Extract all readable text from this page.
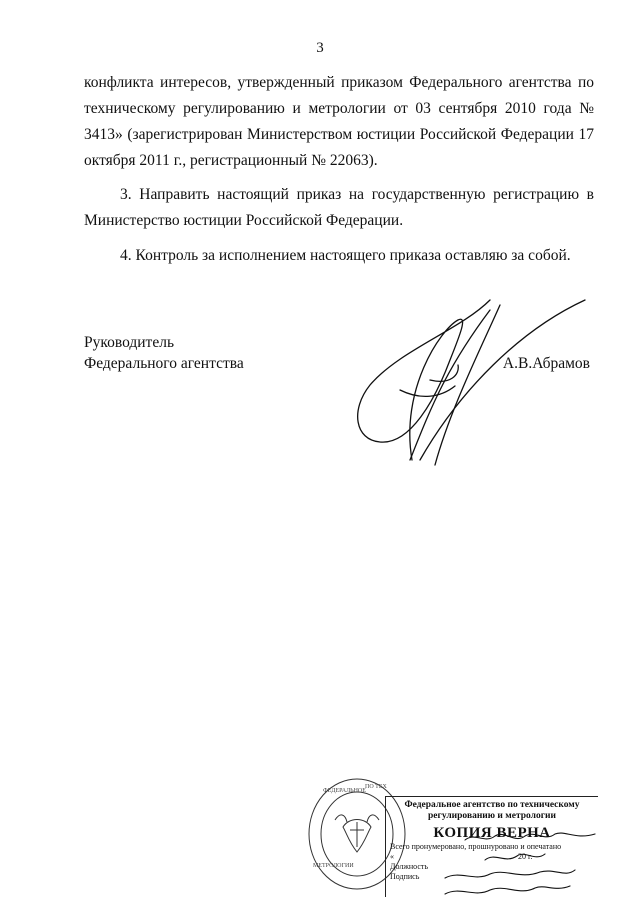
3
конфликта интересов, утвержденный приказом Федерального агентства по техническому регулированию и метрологии от 03 сентября 2010 года № 3413» (зарегистрирован Министерством юстиции Российской Федерации 17 октября 2011 г., регистрационный № 22063).
3. Направить настоящий приказ на государственную регистрацию в Министерство юстиции Российской Федерации.
4. Контроль за исполнением настоящего приказа оставляю за собой.
Руководитель
Федерального агентства	А.В.Абрамов
ФЕДЕРАЛЬНОЕ
ПО ТЕХ
МЕТРОЛОГИИ
Федеральное агентство по техническому
регулированию и метрологии
КОПИЯ ВЕРНА
Всего пронумеровано, прошнуровано и опечатано
«	20 г.
Должность
Подпись
